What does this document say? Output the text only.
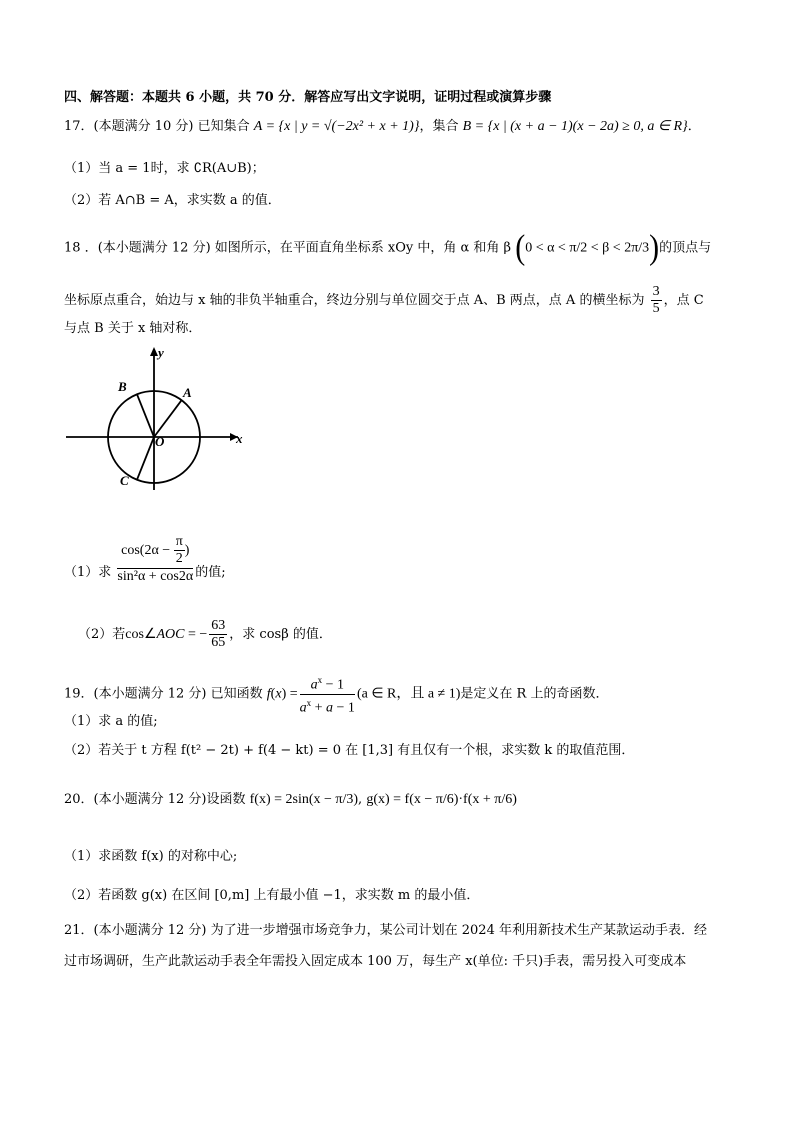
四、解答题：本题共 6 小题，共 70 分．解答应写出文字说明，证明过程或演算步骤
17．(本题满分 10 分) 已知集合 A = {x | y = √(−2x² + x + 1)}，集合 B = {x | (x + a − 1)(x − 2a) ≥ 0, a ∈ R}．
（1）当 a = 1时，求 ∁R(A∪B)；
（2）若 A∩B = A，求实数 a 的值．
18 ．(本小题满分 12 分) 如图所示，在平面直角坐标系 xOy 中，角 α 和角 β (0 < α < π/2 < β < 2π/3)的顶点与
坐标原点重合，始边与 x 轴的非负半轴重合，终边分别与单位圆交于点 A、B 两点，点 A 的横坐标为 $\frac{3}{5}$ ，点 C
与点 B 关于 x 轴对称．
y
x
O
A
B
C
（1）求 $\frac{\cos(2\alpha - \frac{\pi}{2} )}{\text{sin²α + cos2α}}$ 的值;
（2）若cos∠AOC = − $\frac{63}{65}$ ，求 cosβ 的值．
19．(本小题满分 12 分) 已知函数 $f(x) = \frac{a^x - 1}{a^x + a - 1} (a$ ∈ R，且 a ≠ 1)是定义在 R 上的奇函数．
（1）求 a 的值;
（2）若关于 t 方程 f(t² − 2t) + f(4 − kt) = 0 在 [1,3] 有且仅有一个根，求实数 k 的取值范围．
20．(本小题满分 12 分)设函数 f(x) = 2sin(x − π/3), g(x) = f(x − π/6)·f(x + π/6)
（1）求函数 f(x) 的对称中心;
（2）若函数 g(x) 在区间 [0,m] 上有最小值 −1，求实数 m 的最小值．
21．(本小题满分 12 分) 为了进一步增强市场竞争力，某公司计划在 2024 年利用新技术生产某款运动手表．经
过市场调研，生产此款运动手表全年需投入固定成本 100 万，每生产 x(单位: 千只)手表，需另投入可变成本
